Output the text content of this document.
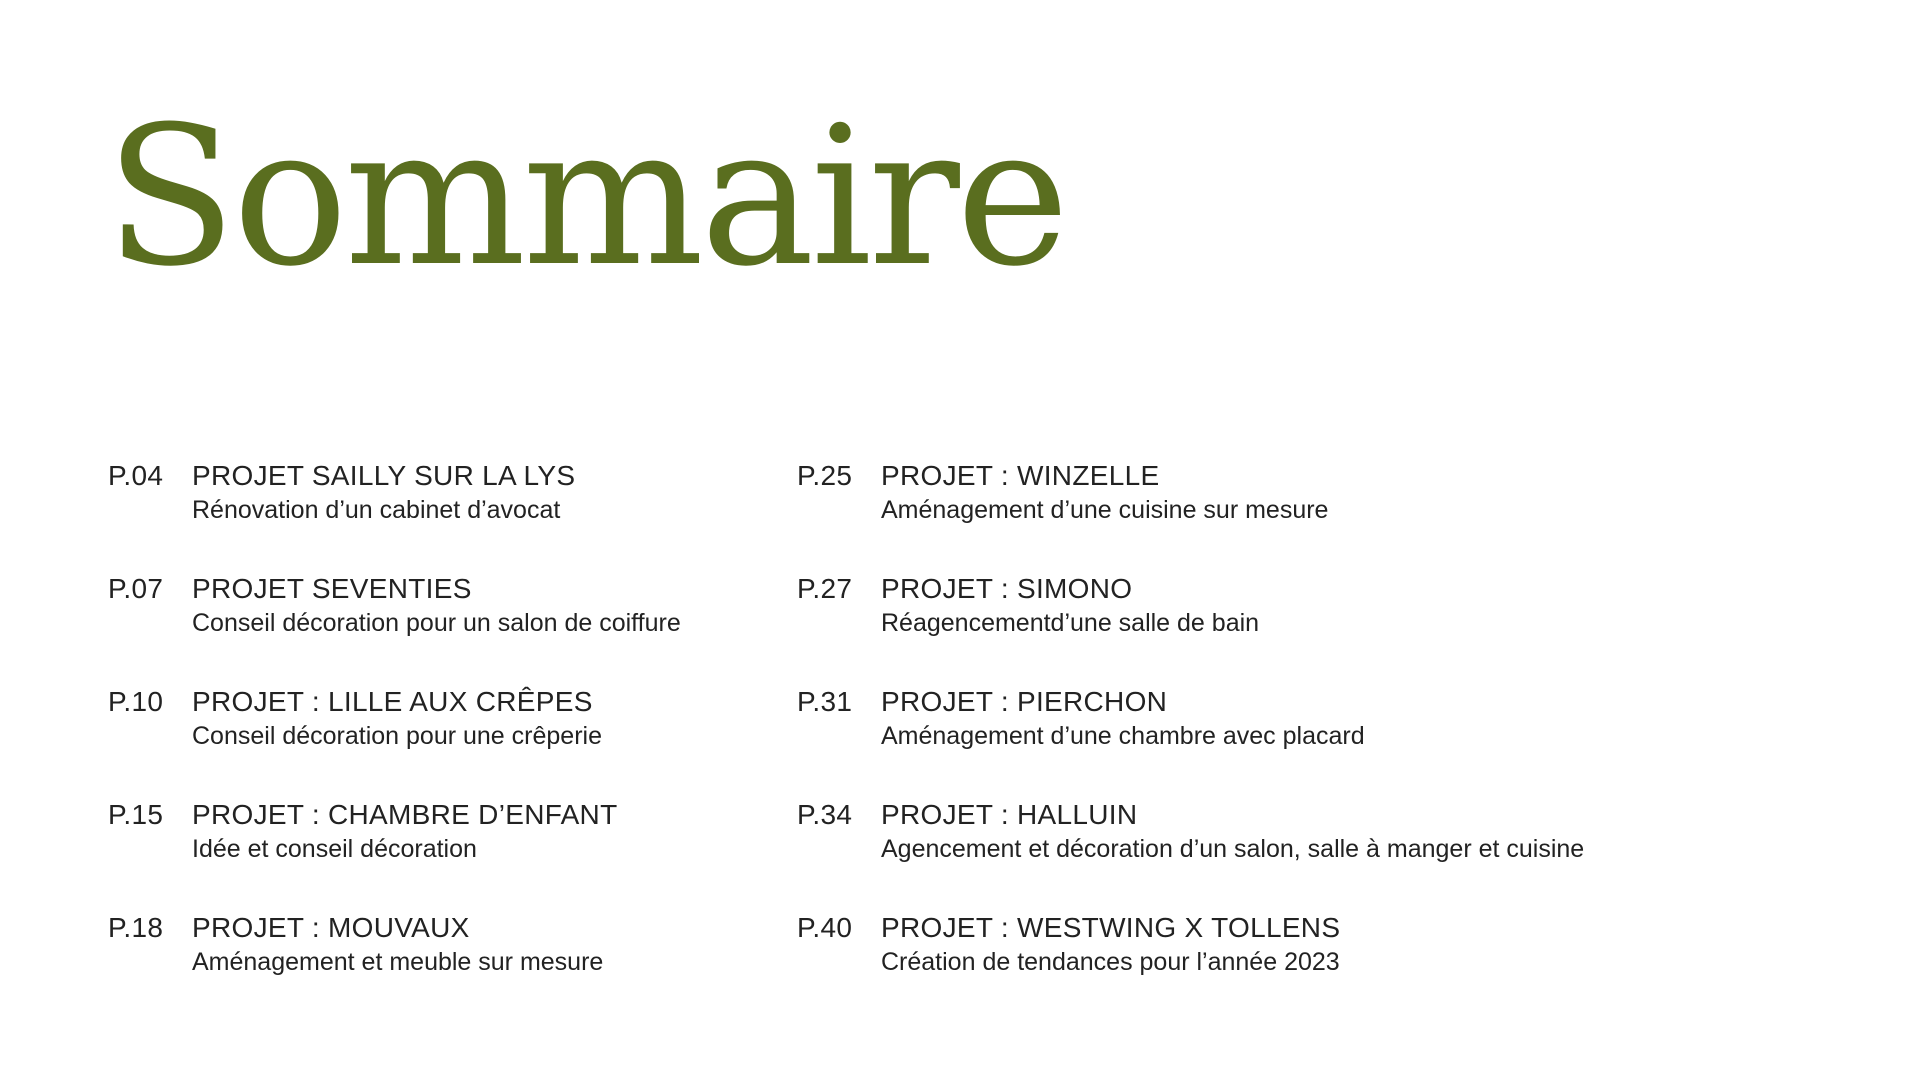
Sommaire
P.04	PROJET SAILLY SUR LA LYS
Rénovation d’un cabinet d’avocat
P.07	PROJET SEVENTIES
Conseil décoration pour un salon de coiffure
P.10	PROJET : LILLE AUX CRÊPES
Conseil décoration pour une crêperie
P.15	PROJET : CHAMBRE D’ENFANT
Idée et conseil décoration
P.18	PROJET : MOUVAUX
Aménagement et meuble sur mesure
P.25	PROJET : WINZELLE
Aménagement d’une cuisine sur mesure
P.27	PROJET : SIMONO
Réagencementd’une salle de bain
P.31	PROJET : PIERCHON
Aménagement d’une chambre avec placard
P.34	PROJET : HALLUIN
Agencement et décoration d’un salon, salle à manger et cuisine
P.40	PROJET : WESTWING X TOLLENS
Création de tendances pour l’année 2023
